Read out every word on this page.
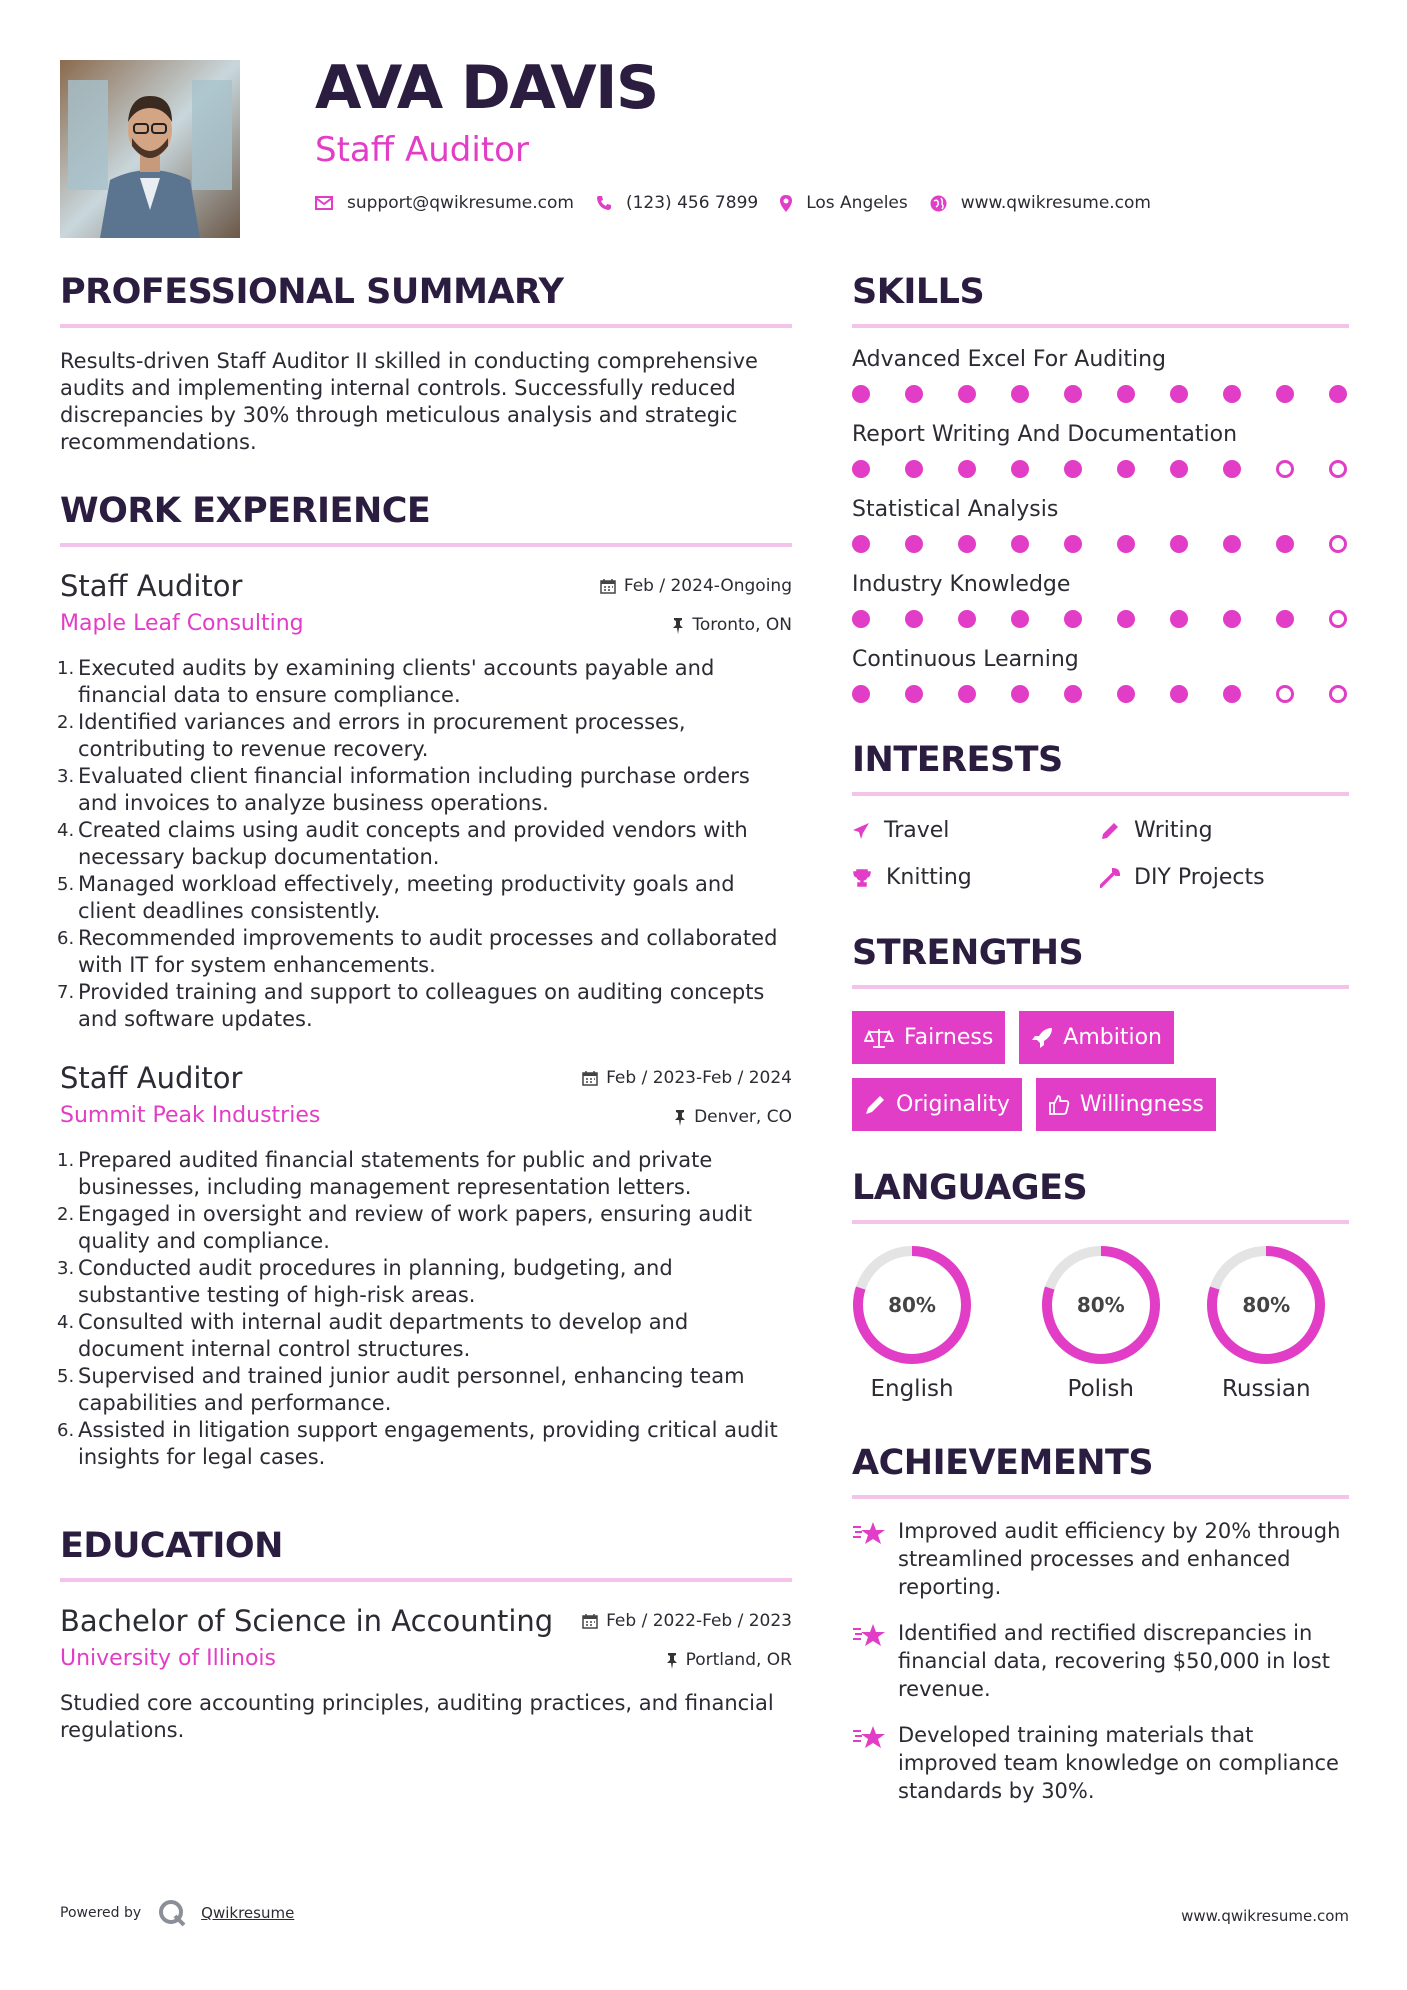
AVA DAVIS
Staff Auditor
support@qwikresume.com	(123) 456 7899	Los Angeles	www.qwikresume.com
PROFESSIONAL SUMMARY
Results-driven Staff Auditor II skilled in conducting comprehensive audits and implementing internal controls. Successfully reduced discrepancies by 30% through meticulous analysis and strategic recommendations.
WORK EXPERIENCE
Staff Auditor
Maple Leaf Consulting
Feb / 2024-Ongoing
Toronto, ON
1. Executed audits by examining clients' accounts payable and financial data to ensure compliance.
2. Identified variances and errors in procurement processes, contributing to revenue recovery.
3. Evaluated client financial information including purchase orders and invoices to analyze business operations.
4. Created claims using audit concepts and provided vendors with necessary backup documentation.
5. Managed workload effectively, meeting productivity goals and client deadlines consistently.
6. Recommended improvements to audit processes and collaborated with IT for system enhancements.
7. Provided training and support to colleagues on auditing concepts and software updates.
Staff Auditor
Summit Peak Industries
Feb / 2023-Feb / 2024
Denver, CO
1. Prepared audited financial statements for public and private businesses, including management representation letters.
2. Engaged in oversight and review of work papers, ensuring audit quality and compliance.
3. Conducted audit procedures in planning, budgeting, and substantive testing of high-risk areas.
4. Consulted with internal audit departments to develop and document internal control structures.
5. Supervised and trained junior audit personnel, enhancing team capabilities and performance.
6. Assisted in litigation support engagements, providing critical audit insights for legal cases.
EDUCATION
Bachelor of Science in Accounting
University of Illinois
Feb / 2022-Feb / 2023
Portland, OR
Studied core accounting principles, auditing practices, and financial regulations.
SKILLS
Advanced Excel For Auditing
Report Writing And Documentation
Statistical Analysis
Industry Knowledge
Continuous Learning
INTERESTS
Travel	Writing
Knitting	DIY Projects
STRENGTHS
Fairness	Ambition
Originality	Willingness
LANGUAGES
80%
English
80%
Polish
80%
Russian
ACHIEVEMENTS
Improved audit efficiency by 20% through streamlined processes and enhanced reporting.
Identified and rectified discrepancies in financial data, recovering $50,000 in lost revenue.
Developed training materials that improved team knowledge on compliance standards by 30%.
Powered by	Qwikresume	www.qwikresume.com
